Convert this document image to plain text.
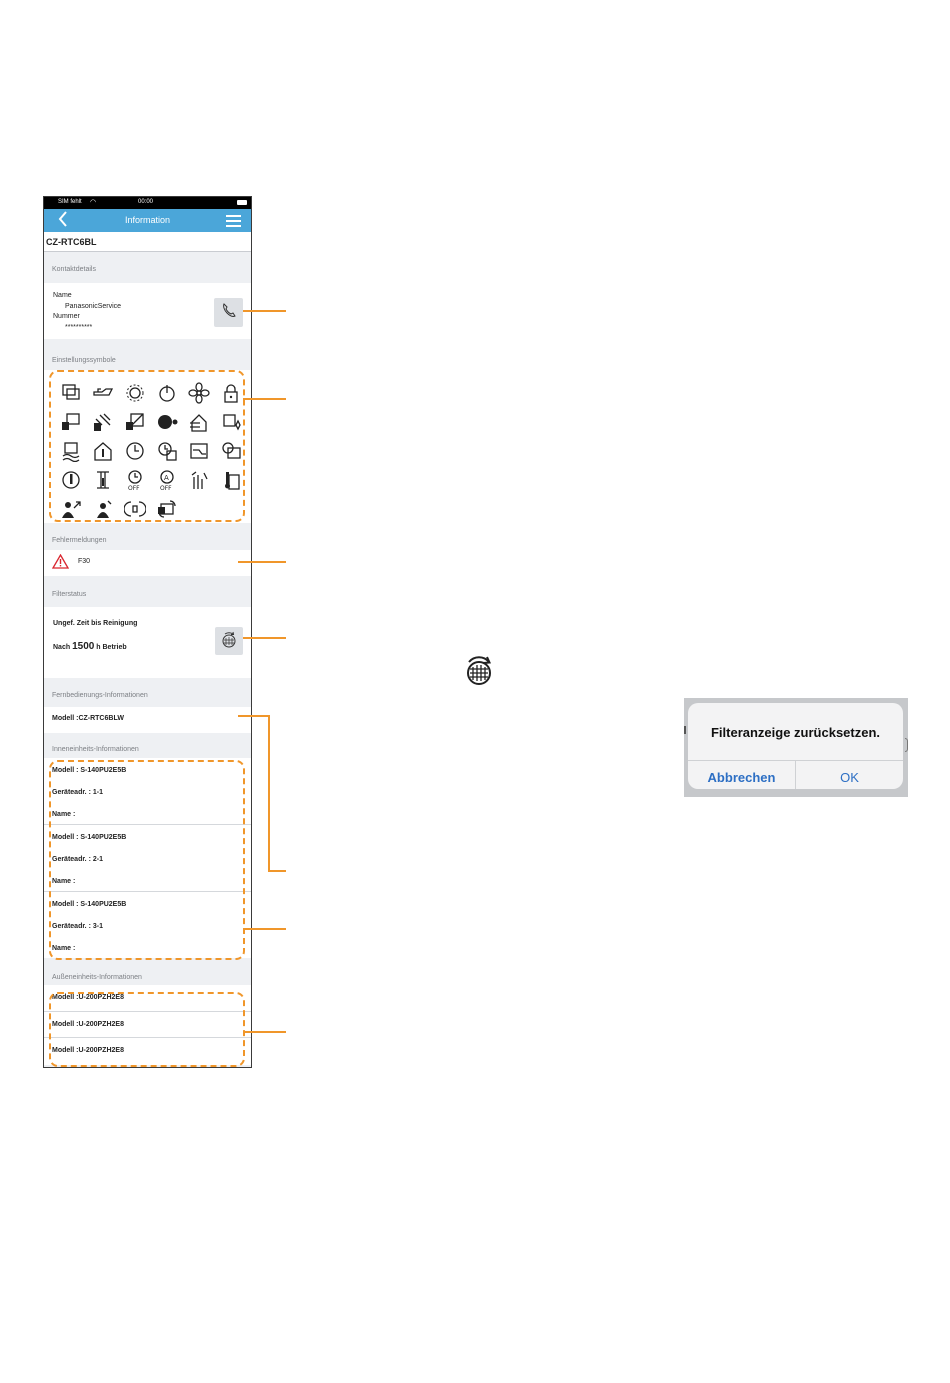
SIM fehlt ◠	00:00
Information
CZ-RTC6BL
Kontaktdetails
Name
PanasonicService
Nummer
**********
Einstellungssymbole
OFF
A
OFF
Fehlermeldungen
F30
Filterstatus
Ungef. Zeit bis Reinigung
Nach 1500 h Betrieb
Fernbedienungs-Informationen
Modell :CZ-RTC6BLW
Inneneinheits-Informationen
Modell : S-140PU2E5B
Geräteadr. : 1-1
Name :
Modell : S-140PU2E5B
Geräteadr. : 2-1
Name :
Modell : S-140PU2E5B
Geräteadr. : 3-1
Name :
Außeneinheits-Informationen
Modell :U-200PZH2E8
Modell :U-200PZH2E8
Modell :U-200PZH2E8
Filteranzeige zurücksetzen.
Abbrechen	OK
